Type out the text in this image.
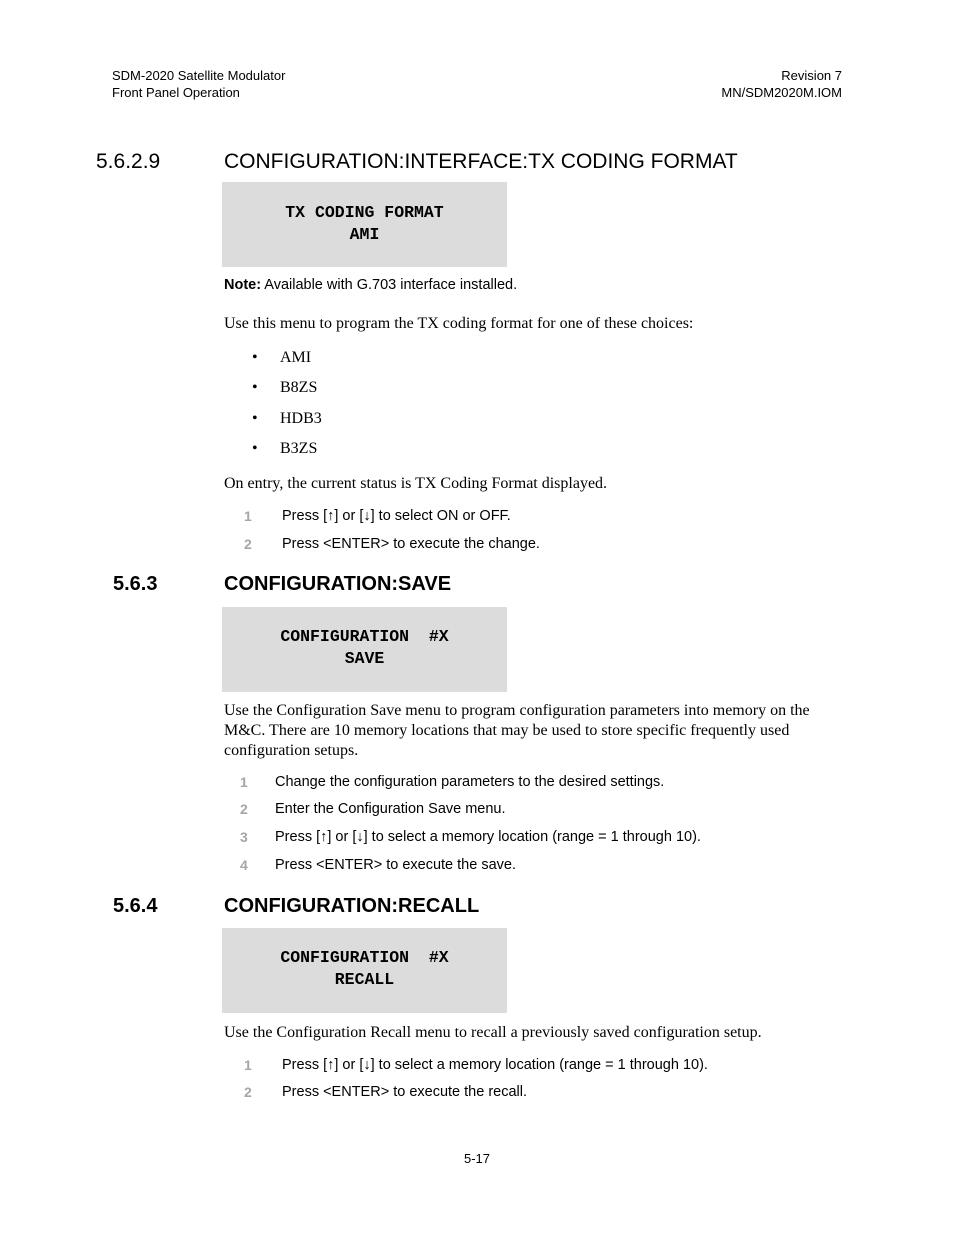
SDM-2020 Satellite Modulator
Front Panel Operation
Revision 7
MN/SDM2020M.IOM
5.6.2.9	CONFIGURATION:INTERFACE:TX CODING FORMAT
TX CODING FORMAT
AMI
Note: Available with G.703 interface installed.
Use this menu to program the TX coding format for one of these choices:
• AMI
• B8ZS
• HDB3
• B3ZS
On entry, the current status is TX Coding Format displayed.
1 Press [↑] or [↓] to select ON or OFF.
2 Press <ENTER> to execute the change.
5.6.3	CONFIGURATION:SAVE
CONFIGURATION  #X
SAVE
Use the Configuration Save menu to program configuration parameters into memory on the M&C. There are 10 memory locations that may be used to store specific frequently used configuration setups.
1 Change the configuration parameters to the desired settings.
2 Enter the Configuration Save menu.
3 Press [↑] or [↓] to select a memory location (range = 1 through 10).
4 Press <ENTER> to execute the save.
5.6.4	CONFIGURATION:RECALL
CONFIGURATION  #X
RECALL
Use the Configuration Recall menu to recall a previously saved configuration setup.
1 Press [↑] or [↓] to select a memory location (range = 1 through 10).
2 Press <ENTER> to execute the recall.
5-17
